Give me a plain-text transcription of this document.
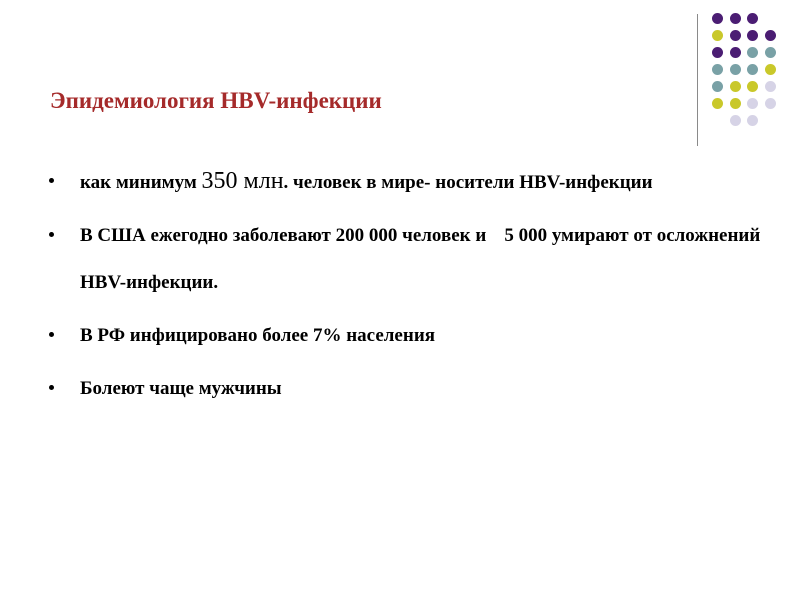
Эпидемиология HBV-инфекции
как минимум 350 млн. человек в мире- носители HBV-инфекции
В США ежегодно заболевают 200 000 человек и 5 000 умирают от осложнений HBV-инфекции.
В РФ инфицировано более 7% населения
Болеют чаще мужчины
